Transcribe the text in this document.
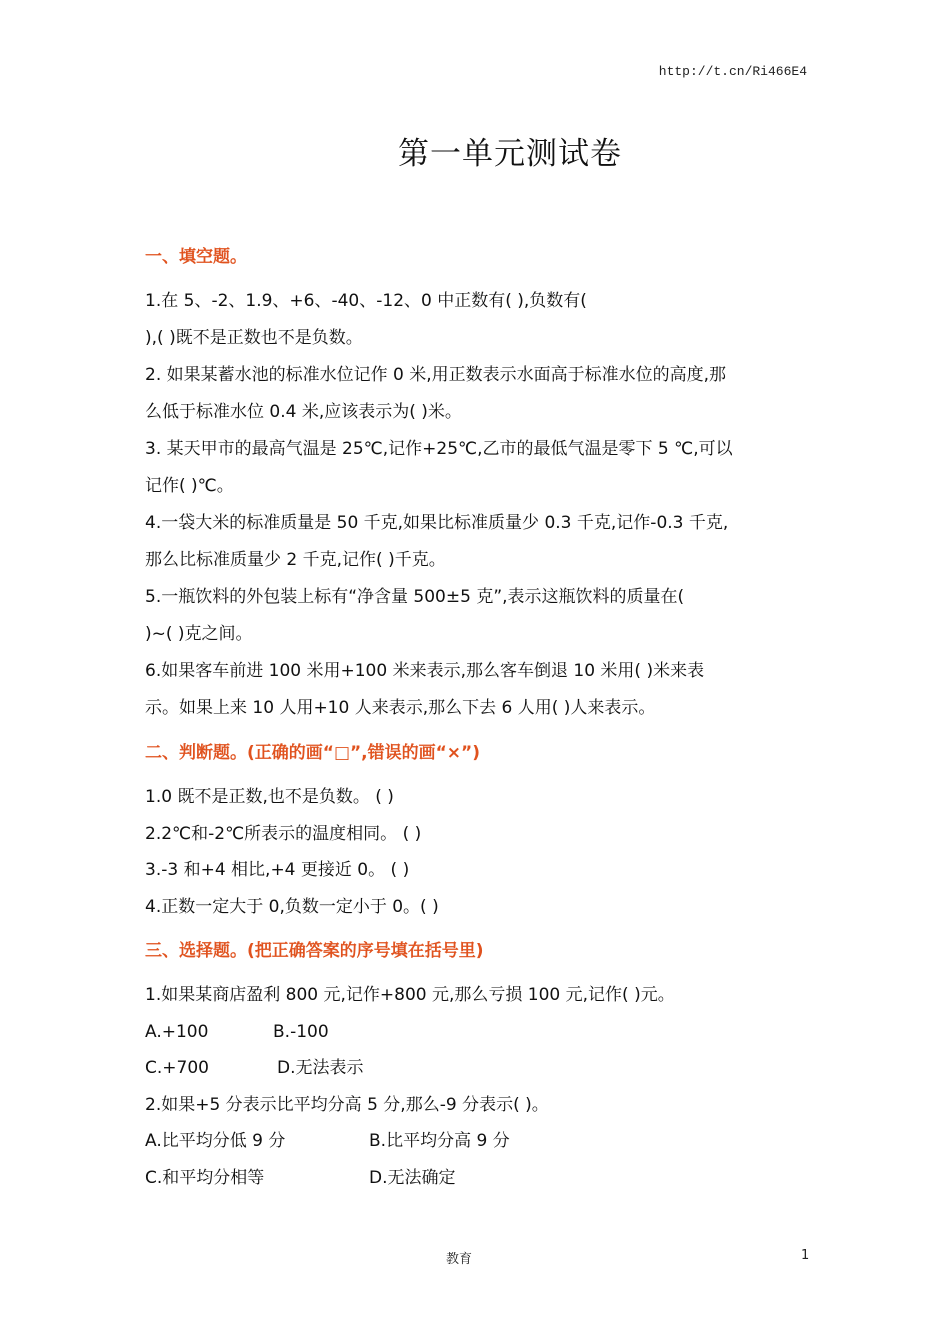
http://t.cn/Ri466E4
第一单元测试卷

一、填空题。

1.在 5、-2、1.9、+6、-40、-12、0 中正数有( ),负数有(

),( )既不是正数也不是负数。

2. 如果某蓄水池的标准水位记作 0 米,用正数表示水面高于标准水位的高度,那

么低于标准水位 0.4 米,应该表示为( )米。

3. 某天甲市的最高气温是 25℃,记作+25℃,乙市的最低气温是零下 5 ℃,可以

记作( )℃。

4.一袋大米的标准质量是 50 千克,如果比标准质量少 0.3 千克,记作-0.3 千克,

那么比标准质量少 2 千克,记作( )千克。

5.一瓶饮料的外包装上标有“净含量 500±5 克”,表示这瓶饮料的质量在(

)~( )克之间。

6.如果客车前进 100 米用+100 米来表示,那么客车倒退 10 米用( )米来表

示。如果上来 10 人用+10 人来表示,那么下去 6 人用( )人来表示。

二、判断题。(正确的画“□”,错误的画“×”)

1.0 既不是正数,也不是负数。 ( )

2.2℃和-2℃所表示的温度相同。 ( )

3.-3 和+4 相比,+4 更接近 0。 ( )

4.正数一定大于 0,负数一定小于 0。( )

三、选择题。(把正确答案的序号填在括号里)

1.如果某商店盈利 800 元,记作+800 元,那么亏损 100 元,记作( )元。

A.+100	B.-100
C.+700	D.无法表示

2.如果+5 分表示比平均分高 5 分,那么-9 分表示( )。

A.比平均分低 9 分	B.比平均分高 9 分
C.和平均分相等	D.无法确定
教育	1
